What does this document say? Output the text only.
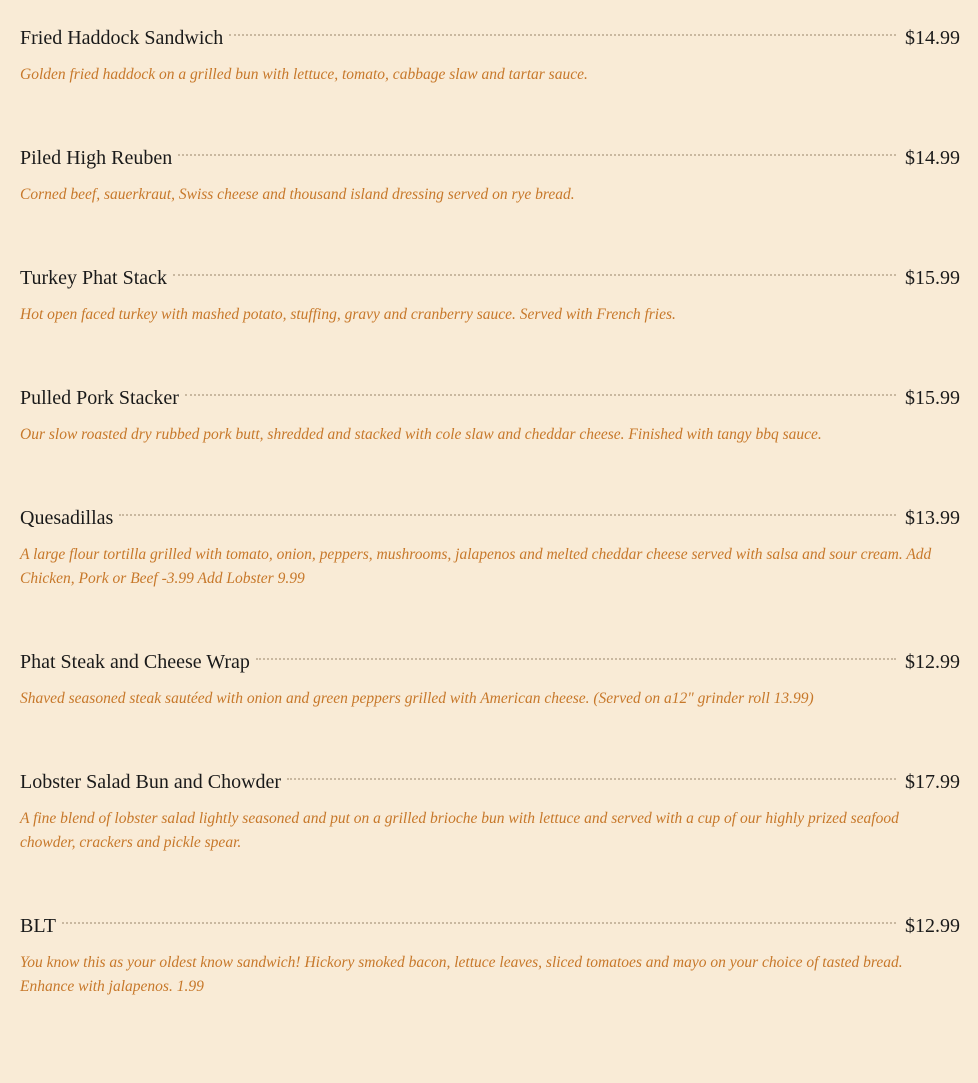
Fried Haddock Sandwich	$14.99
Golden fried haddock on a grilled bun with lettuce, tomato, cabbage slaw and tartar sauce.
Piled High Reuben	$14.99
Corned beef, sauerkraut, Swiss cheese and thousand island dressing served on rye bread.
Turkey Phat Stack	$15.99
Hot open faced turkey with mashed potato, stuffing, gravy and cranberry sauce. Served with French fries.
Pulled Pork Stacker	$15.99
Our slow roasted dry rubbed pork butt, shredded and stacked with cole slaw and cheddar cheese. Finished with tangy bbq sauce.
Quesadillas	$13.99
A large flour tortilla grilled with tomato, onion, peppers, mushrooms, jalapenos and melted cheddar cheese served with salsa and sour cream. Add Chicken, Pork or Beef -3.99 Add Lobster 9.99
Phat Steak and Cheese Wrap	$12.99
Shaved seasoned steak sautéed with onion and green peppers grilled with American cheese. (Served on a12" grinder roll 13.99)
Lobster Salad Bun and Chowder	$17.99
A fine blend of lobster salad lightly seasoned and put on a grilled brioche bun with lettuce and served with a cup of our highly prized seafood chowder, crackers and pickle spear.
BLT	$12.99
You know this as your oldest know sandwich! Hickory smoked bacon, lettuce leaves, sliced tomatoes and mayo on your choice of tasted bread. Enhance with jalapenos. 1.99
